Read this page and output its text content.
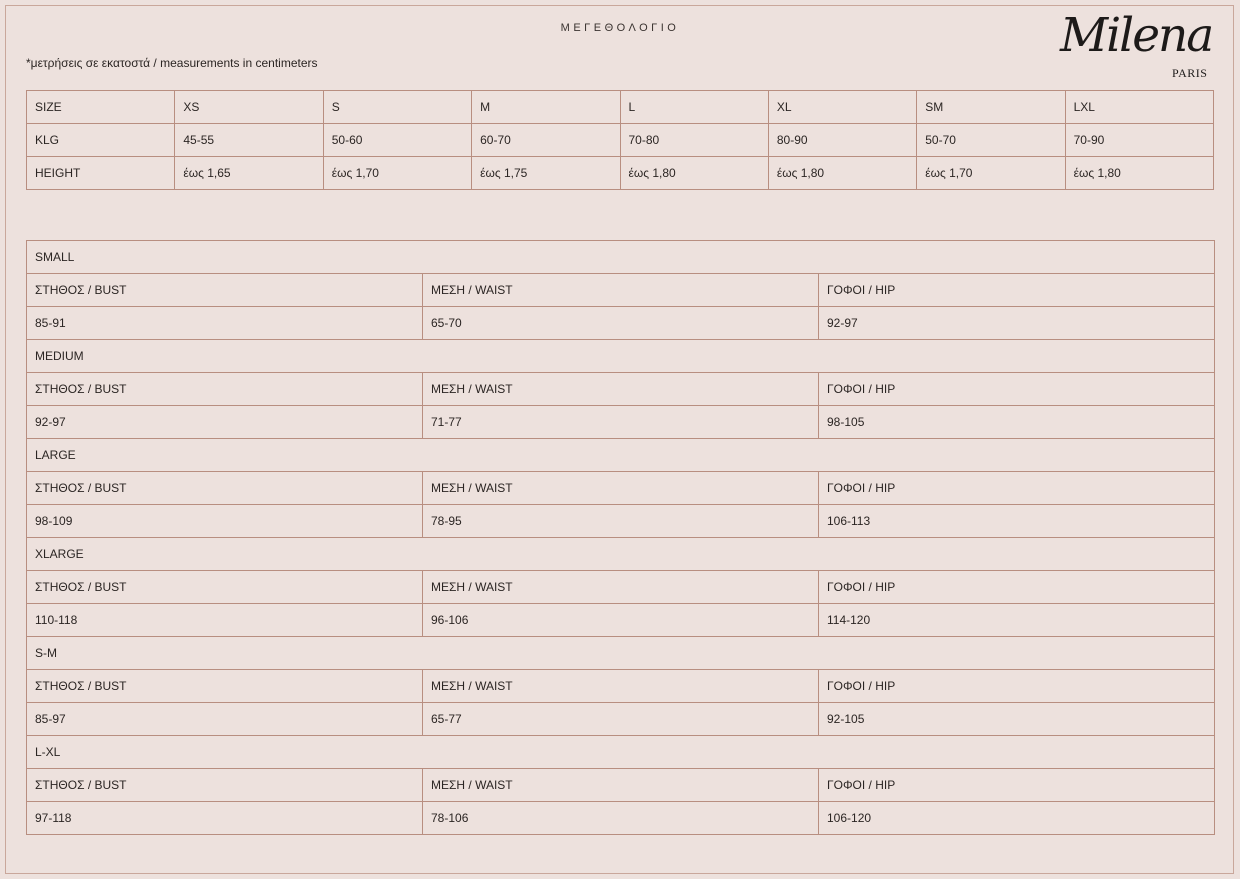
ΜΕΓΕΘΟΛΟΓΙΟ
*μετρήσεις σε εκατοστά / measurements in centimeters	Milena
PARIS
SIZE	XS	S	M	L	XL	SM	LXL
KLG	45-55	50-60	60-70	70-80	80-90	50-70	70-90
HEIGHT	έως 1,65	έως 1,70	έως 1,75	έως 1,80	έως 1,80	έως 1,70	έως 1,80
SMALL		
ΣΤΗΘΟΣ / BUST	ΜΕΣΗ / WAIST	ΓΟΦΟΙ / HIP
85-91	65-70	92-97
MEDIUM		
ΣΤΗΘΟΣ / BUST	ΜΕΣΗ / WAIST	ΓΟΦΟΙ / HIP
92-97	71-77	98-105
LARGE		
ΣΤΗΘΟΣ / BUST	ΜΕΣΗ / WAIST	ΓΟΦΟΙ / HIP
98-109	78-95	106-113
XLARGE		
ΣΤΗΘΟΣ / BUST	ΜΕΣΗ / WAIST	ΓΟΦΟΙ / HIP
110-118	96-106	114-120
S-M		
ΣΤΗΘΟΣ / BUST	ΜΕΣΗ / WAIST	ΓΟΦΟΙ / HIP
85-97	65-77	92-105
L-XL		
ΣΤΗΘΟΣ / BUST	ΜΕΣΗ / WAIST	ΓΟΦΟΙ / HIP
97-118	78-106	106-120
